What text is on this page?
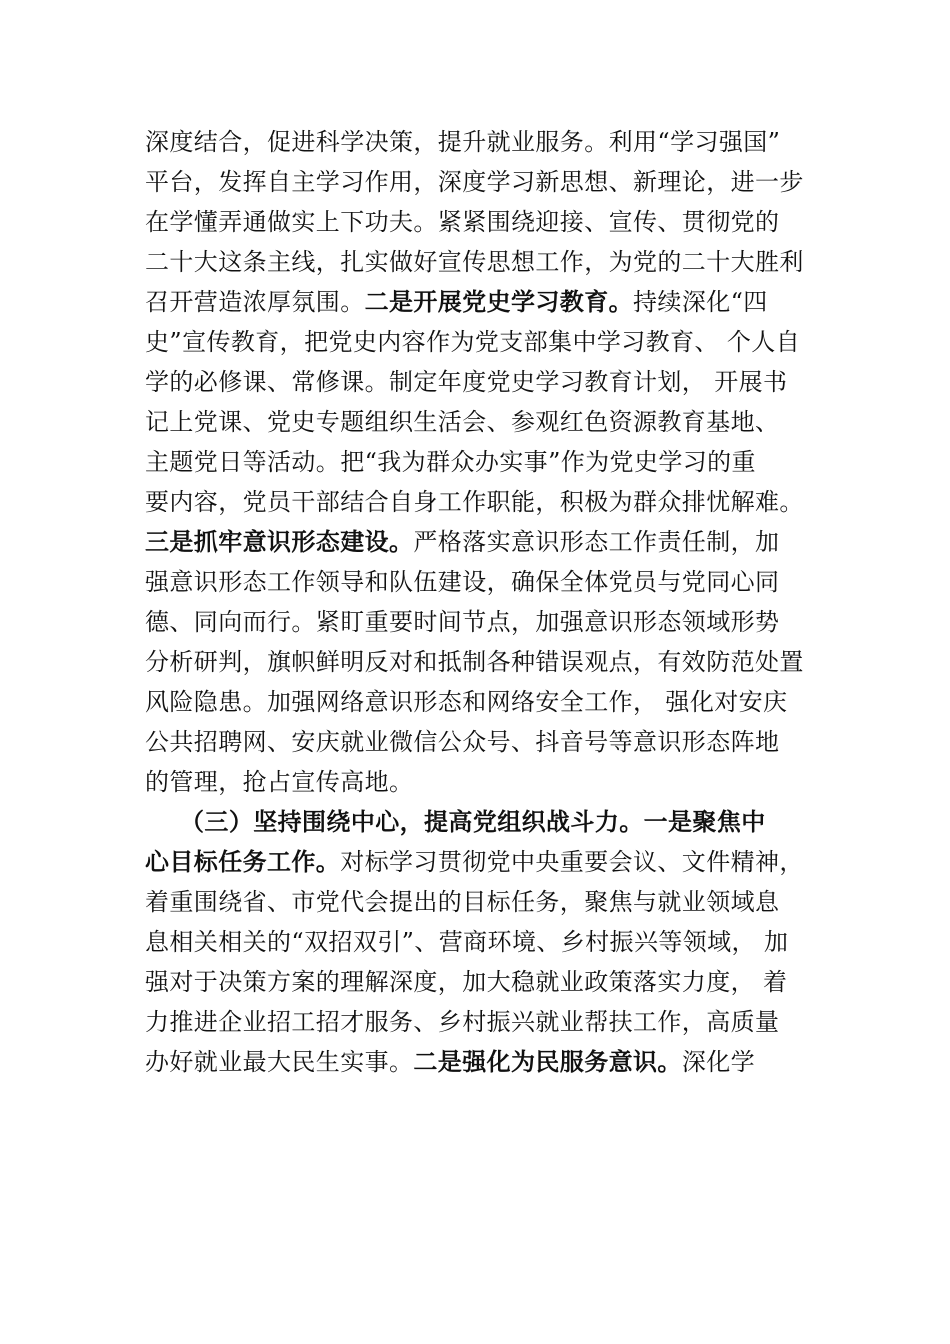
深度结合，促进科学决策，提升就业服务。利用“学习强国”
平台，发挥自主学习作用，深度学习新思想、新理论，进一步
在学懂弄通做实上下功夫。紧紧围绕迎接、宣传、贯彻党的
二十大这条主线，扎实做好宣传思想工作，为党的二十大胜利
召开营造浓厚氛围。二是开展党史学习教育。持续深化“四
史”宣传教育，把党史内容作为党支部集中学习教育、 个人自
学的必修课、常修课。制定年度党史学习教育计划， 开展书
记上党课、党史专题组织生活会、参观红色资源教育基地、
主题党日等活动。把“我为群众办实事”作为党史学习的重
要内容，党员干部结合自身工作职能，积极为群众排忧解难。
三是抓牢意识形态建设。严格落实意识形态工作责任制，加
强意识形态工作领导和队伍建设，确保全体党员与党同心同
德、同向而行。紧盯重要时间节点，加强意识形态领域形势
分析研判，旗帜鲜明反对和抵制各种错误观点，有效防范处置
风险隐患。加强网络意识形态和网络安全工作， 强化对安庆
公共招聘网、安庆就业微信公众号、抖音号等意识形态阵地
的管理，抢占宣传高地。
（三）坚持围绕中心，提高党组织战斗力。一是聚焦中
心目标任务工作。对标学习贯彻党中央重要会议、文件精神，
着重围绕省、市党代会提出的目标任务，聚焦与就业领域息
息相关相关的“双招双引”、营商环境、乡村振兴等领域， 加
强对于决策方案的理解深度，加大稳就业政策落实力度， 着
力推进企业招工招才服务、乡村振兴就业帮扶工作，高质量
办好就业最大民生实事。二是强化为民服务意识。深化学
